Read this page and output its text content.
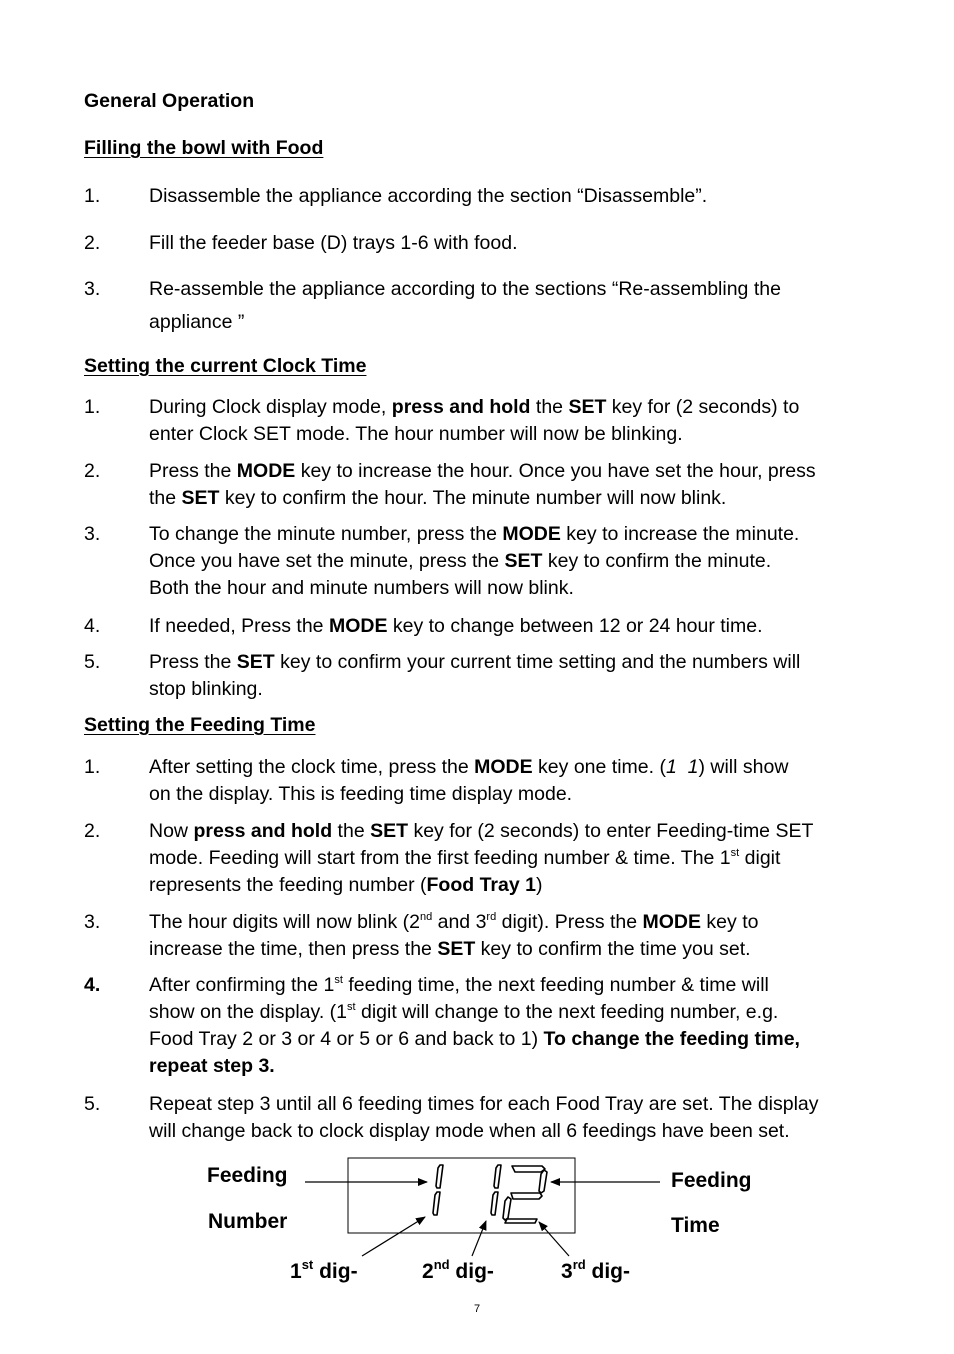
General Operation
Filling the bowl with Food
1.	Disassemble the appliance according the section “Disassemble”.
2.	Fill the feeder base (D) trays 1-6 with food.
3.	Re-assemble the appliance according to the sections “Re-assembling the
appliance ”
Setting the current Clock Time
1.	During Clock display mode, press and hold the SET key for (2 seconds) to
enter Clock SET mode. The hour number will now be blinking.
2.	Press the MODE key to increase the hour. Once you have set the hour, press
the SET key to confirm the hour. The minute number will now blink.
3.	To change the minute number, press the MODE key to increase the minute.
Once you have set the minute, press the SET key to confirm the minute.
Both the hour and minute numbers will now blink.
4.	If needed, Press the MODE key to change between 12 or 24 hour time.
5.	Press the SET key to confirm your current time setting and the numbers will
stop blinking.
Setting the Feeding Time
1.	After setting the clock time, press the MODE key one time. (1  1) will show
on the display. This is feeding time display mode.
2.	Now press and hold the SET key for (2 seconds) to enter Feeding-time SET
mode. Feeding will start from the first feeding number & time. The 1st digit
represents the feeding number (Food Tray 1)
3.	The hour digits will now blink (2nd and 3rd digit). Press the MODE key to
increase the time, then press the SET key to confirm the time you set.
4.	After confirming the 1st feeding time, the next feeding number & time will
show on the display. (1st digit will change to the next feeding number, e.g.
Food Tray 2 or 3 or 4 or 5 or 6 and back to 1) To change the feeding time,
repeat step 3.
5.	Repeat step 3 until all 6 feeding times for each Food Tray are set. The display
will change back to clock display mode when all 6 feedings have been set.
Feeding
Number
Feeding
Time
1st dig-	2nd dig-	3rd dig-
7
